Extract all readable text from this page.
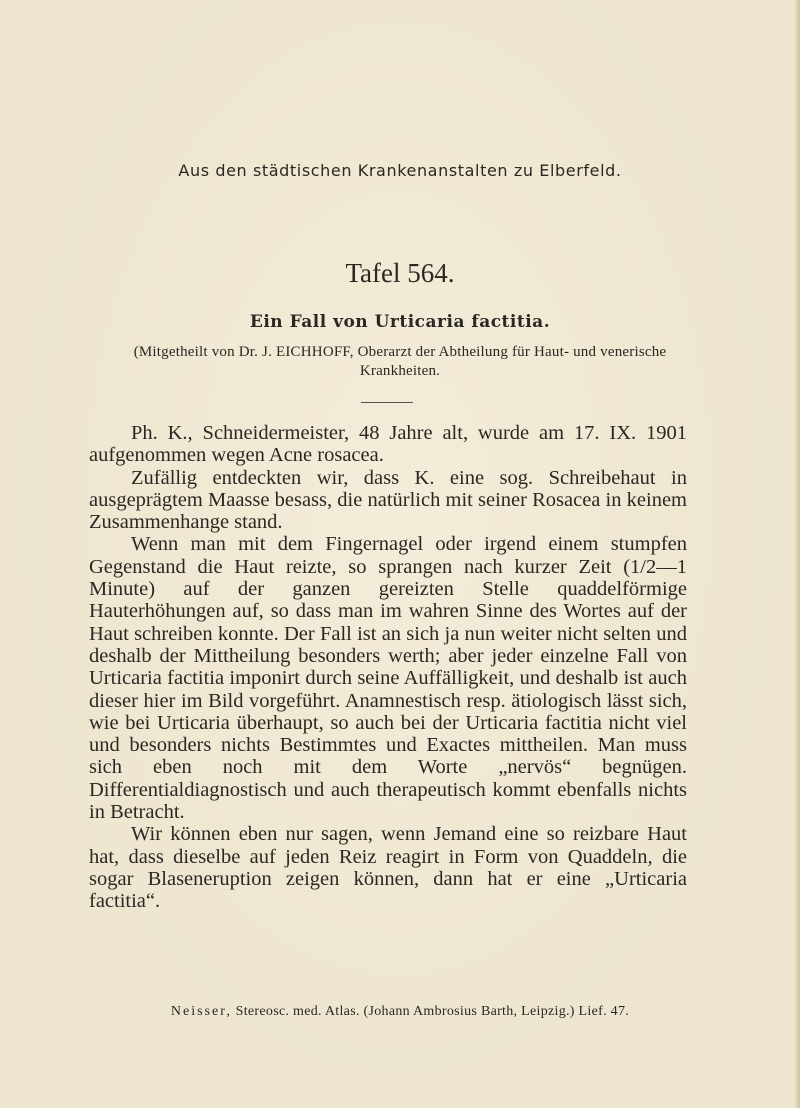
Aus den städtischen Krankenanstalten zu Elberfeld.
Tafel 564.
Ein Fall von Urticaria factitia.
(Mitgetheilt von Dr. J. EICHHOFF, Oberarzt der Abtheilung für Haut- und venerische Krankheiten.

Ph. K., Schneidermeister, 48 Jahre alt, wurde am 17. IX. 1901 aufgenommen wegen Acne rosacea.

Zufällig entdeckten wir, dass K. eine sog. Schreibehaut in ausgeprägtem Maasse besass, die natürlich mit seiner Rosacea in keinem Zusammenhange stand.

Wenn man mit dem Fingernagel oder irgend einem stumpfen Gegenstand die Haut reizte, so sprangen nach kurzer Zeit (1/2—1 Minute) auf der ganzen gereizten Stelle quaddelförmige Hauterhöhungen auf, so dass man im wahren Sinne des Wortes auf der Haut schreiben konnte. Der Fall ist an sich ja nun weiter nicht selten und deshalb der Mittheilung besonders werth; aber jeder einzelne Fall von Urticaria factitia imponirt durch seine Auffälligkeit, und deshalb ist auch dieser hier im Bild vorgeführt. Anamnestisch resp. ätiologisch lässt sich, wie bei Urticaria überhaupt, so auch bei der Urticaria factitia nicht viel und besonders nichts Bestimmtes und Exactes mittheilen. Man muss sich eben noch mit dem Worte „nervös“ begnügen. Differentialdiagnostisch und auch therapeutisch kommt ebenfalls nichts in Betracht.

Wir können eben nur sagen, wenn Jemand eine so reizbare Haut hat, dass dieselbe auf jeden Reiz reagirt in Form von Quaddeln, die sogar Blaseneruption zeigen können, dann hat er eine „Urticaria factitia“.

Neisser, Stereosc. med. Atlas. (Johann Ambrosius Barth, Leipzig.) Lief. 47.
